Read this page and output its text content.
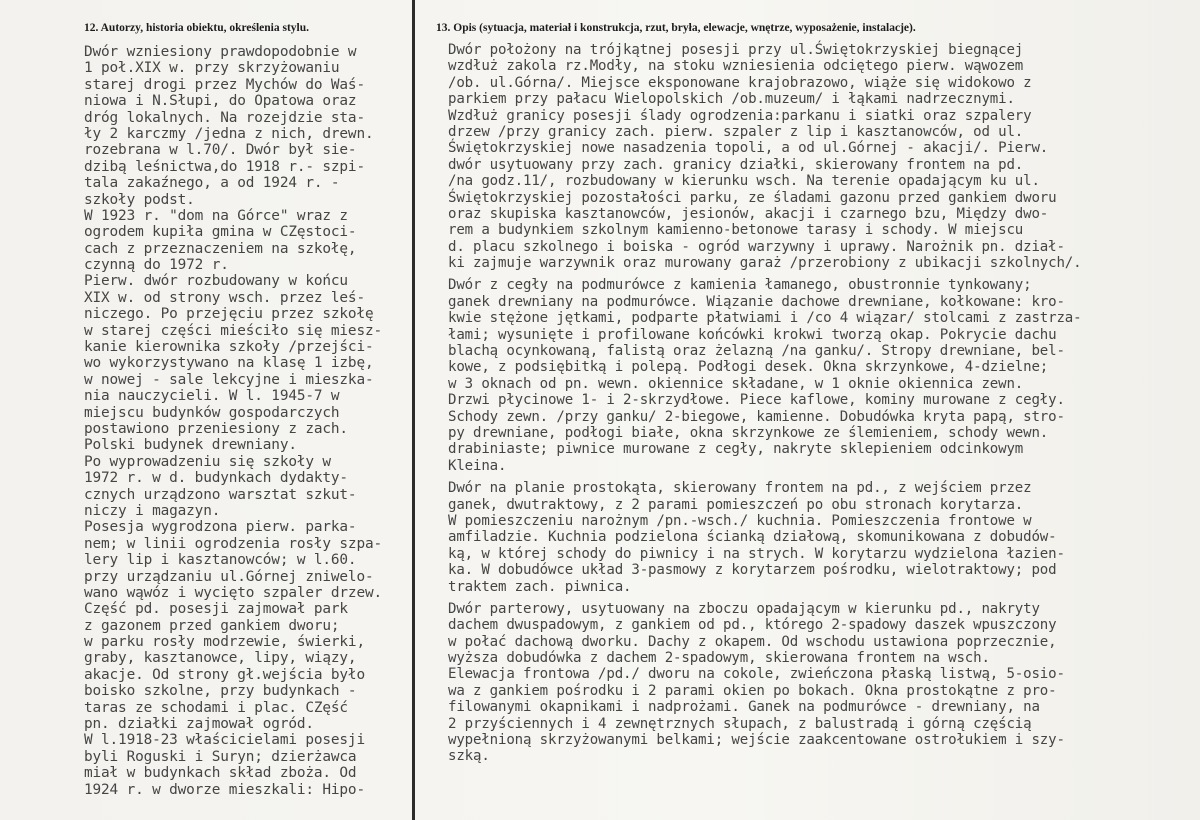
12. Autorzy, historia obiektu, określenia stylu.	13. Opis (sytuacja, materiał i konstrukcja, rzut, bryła, elewacje, wnętrze, wyposażenie, instalacje).
Dwór wzniesiony prawdopodobnie w
1 poł.XIX w. przy skrzyżowaniu
starej drogi przez Mychów do Waś-
niowa i N.Słupi, do Opatowa oraz
dróg lokalnych. Na rozejdzie sta-
ły 2 karczmy /jedna z nich, drewn.
rozebrana w l.70/. Dwór był sie-
dzibą leśnictwa,do 1918 r.- szpi-
tala zakaźnego, a od 1924 r. -
szkoły podst.
W 1923 r. "dom na Górce" wraz z
ogrodem kupiła gmina w CZęstoci-
cach z przeznaczeniem na szkołę,
czynną do 1972 r.
Pierw. dwór rozbudowany w końcu
XIX w. od strony wsch. przez leś-
niczego. Po przejęciu przez szkołę
w starej części mieściło się miesz-
kanie kierownika szkoły /przejści-
wo wykorzystywano na klasę 1 izbę,
w nowej - sale lekcyjne i mieszka-
nia nauczycieli. W l. 1945-7 w
miejscu budynków gospodarczych
postawiono przeniesiony z zach.
Polski budynek drewniany.
Po wyprowadzeniu się szkoły w
1972 r. w d. budynkach dydakty-
cznych urządzono warsztat szkut-
niczy i magazyn.
Posesja wygrodzona pierw. parka-
nem; w linii ogrodzenia rosły szpa-
lery lip i kasztanowców; w l.60.
przy urządzaniu ul.Górnej zniwelo-
wano wąwóz i wycięto szpaler drzew.
Część pd. posesji zajmował park
z gazonem przed gankiem dworu;
w parku rosły modrzewie, świerki,
graby, kasztanowce, lipy, wiązy,
akacje. Od strony gł.wejścia było
boisko szkolne, przy budynkach -
taras ze schodami i plac. CZęść
pn. działki zajmował ogród.
W l.1918-23 właścicielami posesji
byli Roguski i Suryn; dzierżawca
miał w budynkach skład zboża. Od
1924 r. w dworze mieszkali: Hipo-
Dwór położony na trójkątnej posesji przy ul.Świętokrzyskiej biegnącej
wzdłuż zakola rz.Modły, na stoku wzniesienia odciętego pierw. wąwozem
/ob. ul.Górna/. Miejsce eksponowane krajobrazowo, wiąże się widokowo z
parkiem przy pałacu Wielopolskich /ob.muzeum/ i łąkami nadrzecznymi.
Wzdłuż granicy posesji ślady ogrodzenia:parkanu i siatki oraz szpalery
drzew /przy granicy zach. pierw. szpaler z lip i kasztanowców, od ul.
Świętokrzyskiej nowe nasadzenia topoli, a od ul.Górnej - akacji/. Pierw.
dwór usytuowany przy zach. granicy działki, skierowany frontem na pd.
/na godz.11/, rozbudowany w kierunku wsch. Na terenie opadającym ku ul.
Świętokrzyskiej pozostałości parku, ze śladami gazonu przed gankiem dworu
oraz skupiska kasztanowców, jesionów, akacji i czarnego bzu, Między dwo-
rem a budynkiem szkolnym kamienno-betonowe tarasy i schody. W miejscu
d. placu szkolnego i boiska - ogród warzywny i uprawy. Narożnik pn. dział-
ki zajmuje warzywnik oraz murowany garaż /przerobiony z ubikacji szkolnych/.
Dwór z cegły na podmurówce z kamienia łamanego, obustronnie tynkowany;
ganek drewniany na podmurówce. Wiązanie dachowe drewniane, kołkowane: kro-
kwie stężone jętkami, podparte płatwiami i /co 4 wiązar/ stolcami z zastrza-
łami; wysunięte i profilowane końcówki krokwi tworzą okap. Pokrycie dachu
blachą ocynkowaną, falistą oraz żelazną /na ganku/. Stropy drewniane, bel-
kowe, z podsiębitką i polepą. Podłogi desek. Okna skrzynkowe, 4-dzielne;
w 3 oknach od pn. wewn. okiennice składane, w 1 oknie okiennica zewn.
Drzwi płycinowe 1- i 2-skrzydłowe. Piece kaflowe, kominy murowane z cegły.
Schody zewn. /przy ganku/ 2-biegowe, kamienne. Dobudówka kryta papą, stro-
py drewniane, podłogi białe, okna skrzynkowe ze ślemieniem, schody wewn.
drabiniaste; piwnice murowane z cegły, nakryte sklepieniem odcinkowym
Kleina.
Dwór na planie prostokąta, skierowany frontem na pd., z wejściem przez
ganek, dwutraktowy, z 2 parami pomieszczeń po obu stronach korytarza.
W pomieszczeniu narożnym /pn.-wsch./ kuchnia. Pomieszczenia frontowe w
amfiladzie. Kuchnia podzielona ścianką działową, skomunikowana z dobudów-
ką, w której schody do piwnicy i na strych. W korytarzu wydzielona łazien-
ka. W dobudówce układ 3-pasmowy z korytarzem pośrodku, wielotraktowy; pod
traktem zach. piwnica.
Dwór parterowy, usytuowany na zboczu opadającym w kierunku pd., nakryty
dachem dwuspadowym, z gankiem od pd., którego 2-spadowy daszek wpuszczony
w połać dachową dworku. Dachy z okapem. Od wschodu ustawiona poprzecznie,
wyższa dobudówka z dachem 2-spadowym, skierowana frontem na wsch.
Elewacja frontowa /pd./ dworu na cokole, zwieńczona płaską listwą, 5-osio-
wa z gankiem pośrodku i 2 parami okien po bokach. Okna prostokątne z pro-
filowanymi okapnikami i nadprożami. Ganek na podmurówce - drewniany, na
2 przyściennych i 4 zewnętrznych słupach, z balustradą i górną częścią
wypełnioną skrzyżowanymi belkami; wejście zaakcentowane ostrołukiem i szy-
szką.
